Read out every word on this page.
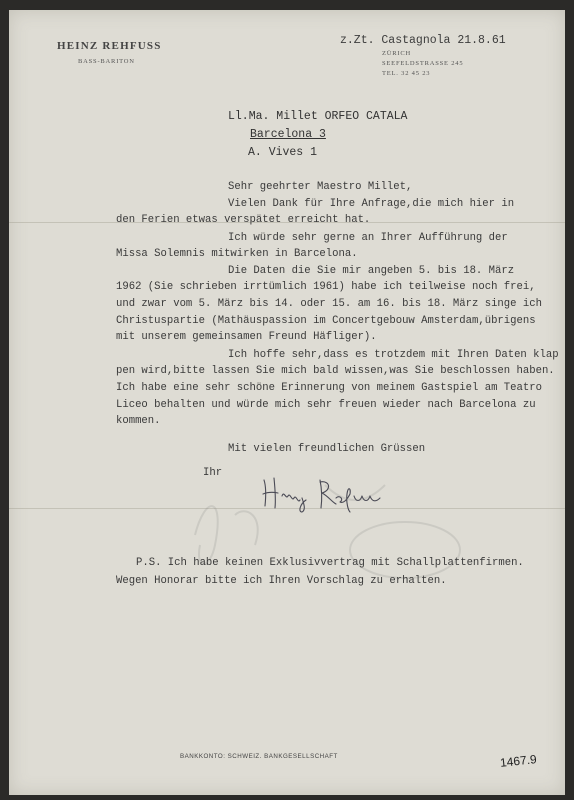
HEINZ REHFUSS
BASS-BARITON
z.Zt. Castagnola 21.8.61
ZÜRICH
SEEFELDSTRASSE 245
TEL. 32 45 23
Ll.Ma. Millet ORFEO CATALA
Barcelona 3
A. Vives 1
Sehr geehrter Maestro Millet,
Vielen Dank für Ihre Anfrage,die mich hier in
den Ferien etwas verspätet erreicht hat.
Ich würde sehr gerne an Ihrer Aufführung der
Missa Solemnis mitwirken in Barcelona.
Die Daten die Sie mir angeben 5. bis 18. März
1962 (Sie schrieben irrtümlich 1961) habe ich teilweise noch frei,
und zwar vom 5. März bis 14. oder 15. am 16. bis 18. März singe ich
Christuspartie (Mathäuspassion im Concertgebouw Amsterdam,übrigens
mit unserem gemeinsamen Freund Häfliger).
Ich hoffe sehr,dass es trotzdem mit Ihren Daten klap
pen wird,bitte lassen Sie mich bald wissen,was Sie beschlossen haben.
Ich habe eine sehr schöne Erinnerung von meinem Gastspiel am Teatro
Liceo behalten und würde mich sehr freuen wieder nach Barcelona zu
kommen.
Mit vielen freundlichen Grüssen
Ihr
P.S. Ich habe keinen Exklusivvertrag mit Schallplattenfirmen.
Wegen Honorar bitte ich Ihren Vorschlag zu erhalten.
BANKKONTO: SCHWEIZ. BANKGESELLSCHAFT	1467.9
